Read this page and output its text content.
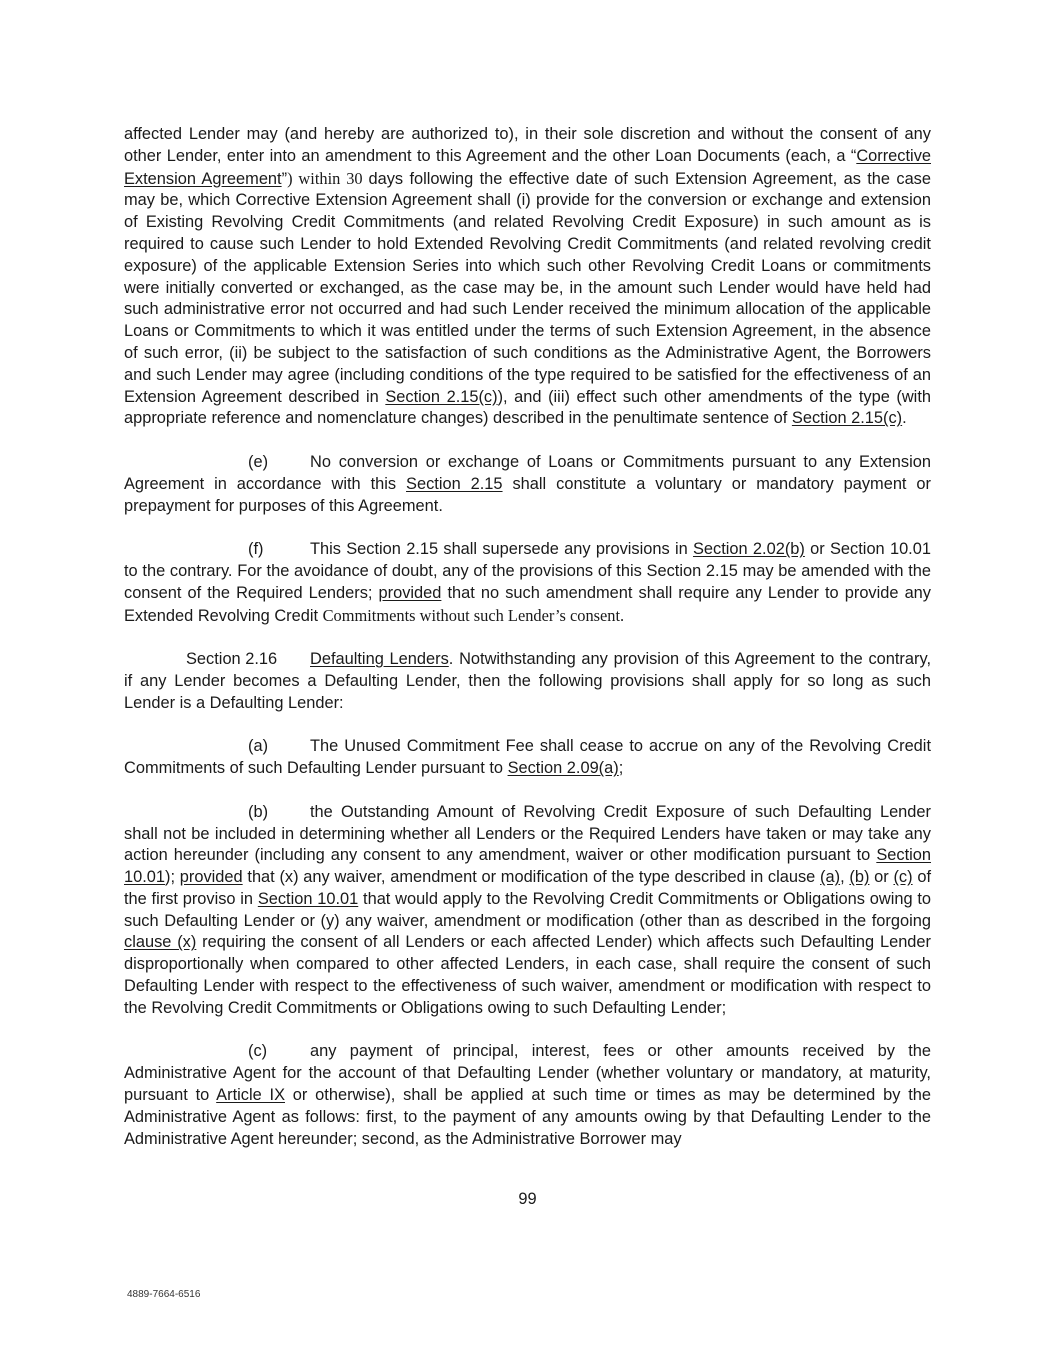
affected Lender may (and hereby are authorized to), in their sole discretion and without the consent of any other Lender, enter into an amendment to this Agreement and the other Loan Documents (each, a “Corrective Extension Agreement”) within 30 days following the effective date of such Extension Agreement, as the case may be, which Corrective Extension Agreement shall (i) provide for the conversion or exchange and extension of Existing Revolving Credit Commitments (and related Revolving Credit Exposure) in such amount as is required to cause such Lender to hold Extended Revolving Credit Commitments (and related revolving credit exposure) of the applicable Extension Series into which such other Revolving Credit Loans or commitments were initially converted or exchanged, as the case may be, in the amount such Lender would have held had such administrative error not occurred and had such Lender received the minimum allocation of the applicable Loans or Commitments to which it was entitled under the terms of such Extension Agreement, in the absence of such error, (ii) be subject to the satisfaction of such conditions as the Administrative Agent, the Borrowers and such Lender may agree (including conditions of the type required to be satisfied for the effectiveness of an Extension Agreement described in Section 2.15(c)), and (iii) effect such other amendments of the type (with appropriate reference and nomenclature changes) described in the penultimate sentence of Section 2.15(c).

(e)	No conversion or exchange of Loans or Commitments pursuant to any Extension Agreement in accordance with this Section 2.15 shall constitute a voluntary or mandatory payment or prepayment for purposes of this Agreement.

(f)	This Section 2.15 shall supersede any provisions in Section 2.02(b) or Section 10.01 to the contrary. For the avoidance of doubt, any of the provisions of this Section 2.15 may be amended with the consent of the Required Lenders; provided that no such amendment shall require any Lender to provide any Extended Revolving Credit Commitments without such Lender’s consent.

Section 2.16 Defaulting Lenders. Notwithstanding any provision of this Agreement to the contrary, if any Lender becomes a Defaulting Lender, then the following provisions shall apply for so long as such Lender is a Defaulting Lender:

(a)	The Unused Commitment Fee shall cease to accrue on any of the Revolving Credit Commitments of such Defaulting Lender pursuant to Section 2.09(a);

(b)	the Outstanding Amount of Revolving Credit Exposure of such Defaulting Lender shall not be included in determining whether all Lenders or the Required Lenders have taken or may take any action hereunder (including any consent to any amendment, waiver or other modification pursuant to Section 10.01); provided that (x) any waiver, amendment or modification of the type described in clause (a), (b) or (c) of the first proviso in Section 10.01 that would apply to the Revolving Credit Commitments or Obligations owing to such Defaulting Lender or (y) any waiver, amendment or modification (other than as described in the forgoing clause (x) requiring the consent of all Lenders or each affected Lender) which affects such Defaulting Lender disproportionally when compared to other affected Lenders, in each case, shall require the consent of such Defaulting Lender with respect to the effectiveness of such waiver, amendment or modification with respect to the Revolving Credit Commitments or Obligations owing to such Defaulting Lender;

(c)	any payment of principal, interest, fees or other amounts received by the Administrative Agent for the account of that Defaulting Lender (whether voluntary or mandatory, at maturity, pursuant to Article IX or otherwise), shall be applied at such time or times as may be determined by the Administrative Agent as follows: first, to the payment of any amounts owing by that Defaulting Lender to the Administrative Agent hereunder; second, as the Administrative Borrower may

99
4889-7664-6516
